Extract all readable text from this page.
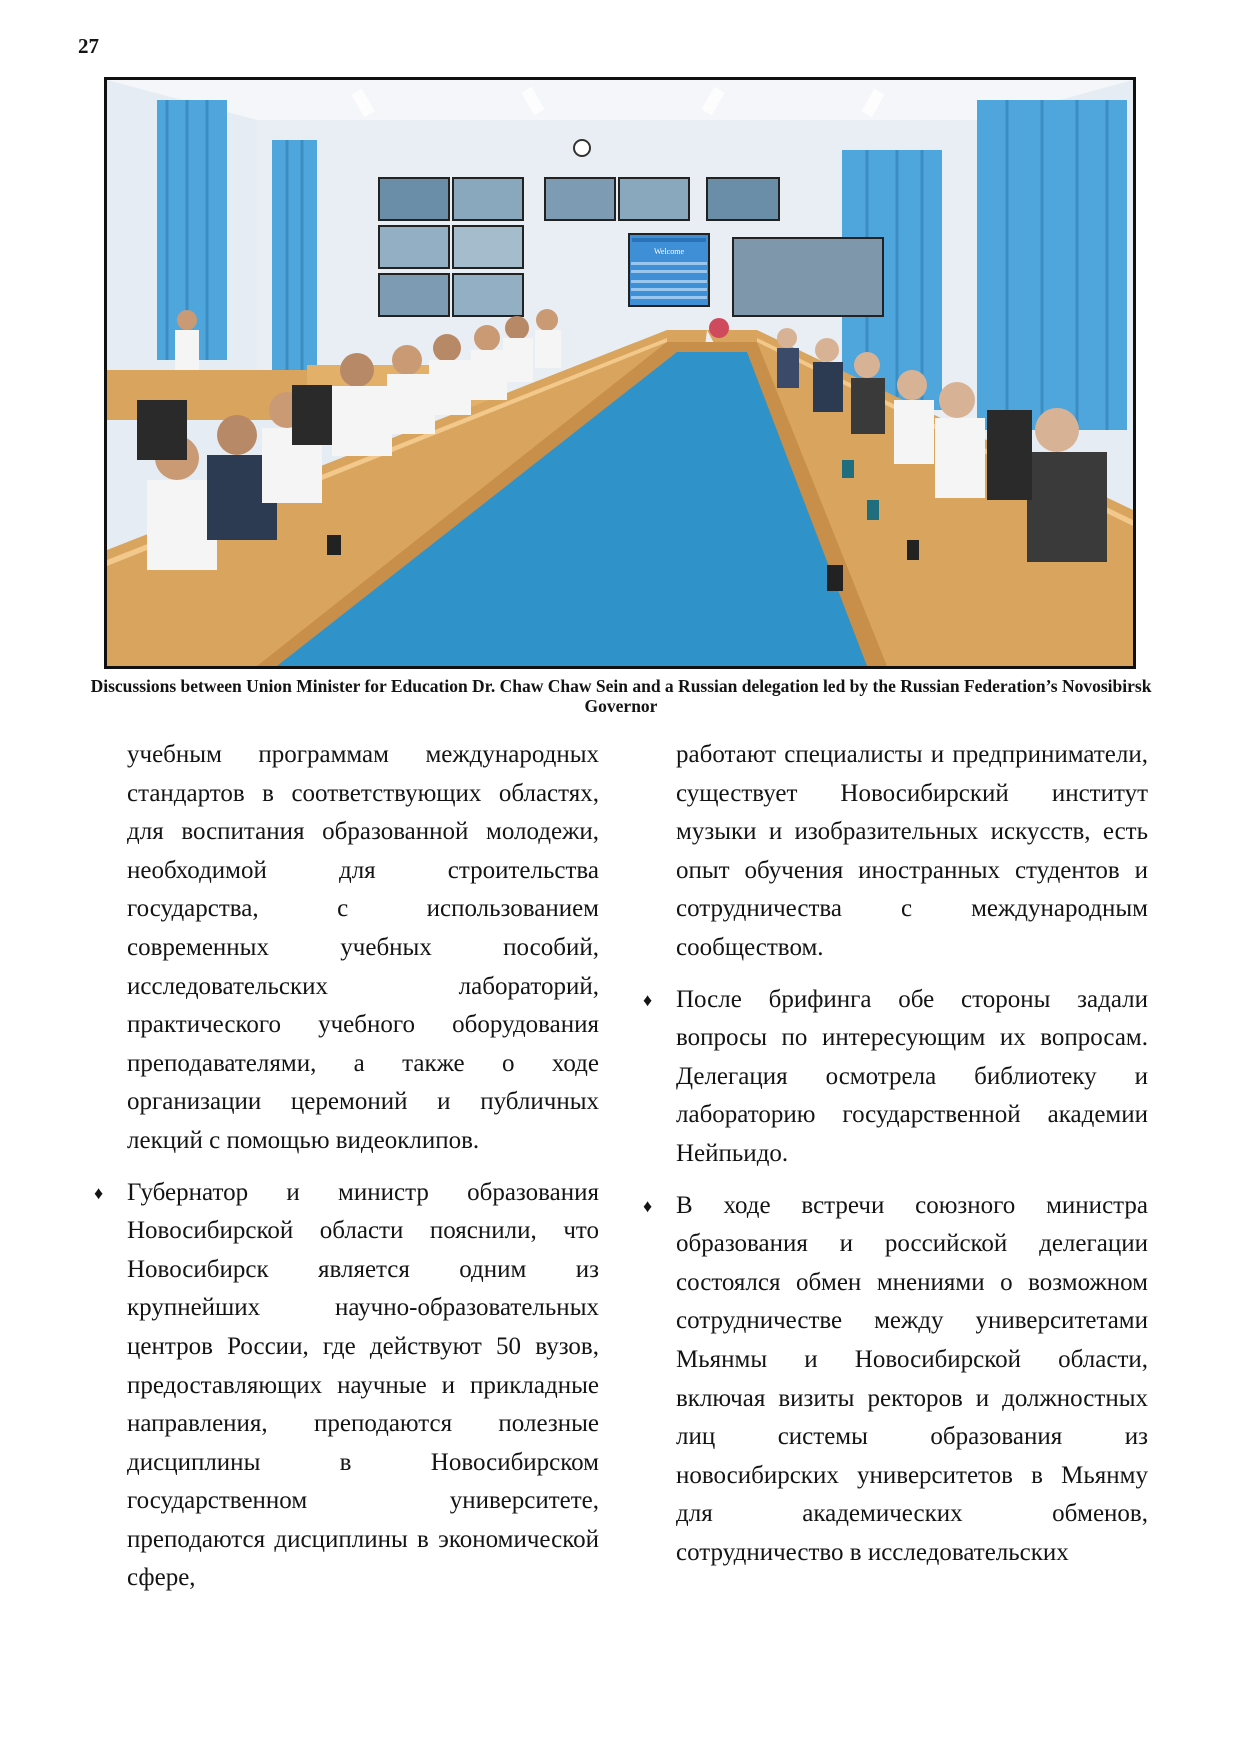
27
Welcome
Discussions between Union Minister for Education Dr. Chaw Chaw Sein and a Russian delegation led by the Russian Federation’s Novosibirsk Governor

учебным программам международных стандартов в соответствующих областях, для воспитания образованной молодежи, необходимой для строительства государства, с использованием современных учебных пособий, исследовательских лабораторий, практического учебного оборудования преподавателями, а также о ходе организации церемоний и публичных лекций с помощью видеоклипов.

♦ Губернатор и министр образования Новосибирской области пояснили, что Новосибирск является одним из крупнейших научно-образовательных центров России, где действуют 50 вузов, предоставляющих научные и прикладные направления, преподаются полезные дисциплины в Новосибирском государственном университете, преподаются дисциплины в экономической сфере,

работают специалисты и предприниматели, существует Новосибирский институт музыки и изобразительных искусств, есть опыт обучения иностранных студентов и сотрудничества с международным сообществом.

♦ После брифинга обе стороны задали вопросы по интересующим их вопросам. Делегация осмотрела библиотеку и лабораторию государственной академии Нейпьидо.

♦ В ходе встречи союзного министра образования и российской делегации состоялся обмен мнениями о возможном сотрудничестве между университетами Мьянмы и Новосибирской области, включая визиты ректоров и должностных лиц системы образования из новосибирских университетов в Мьянму для академических обменов, сотрудничество в исследовательских
